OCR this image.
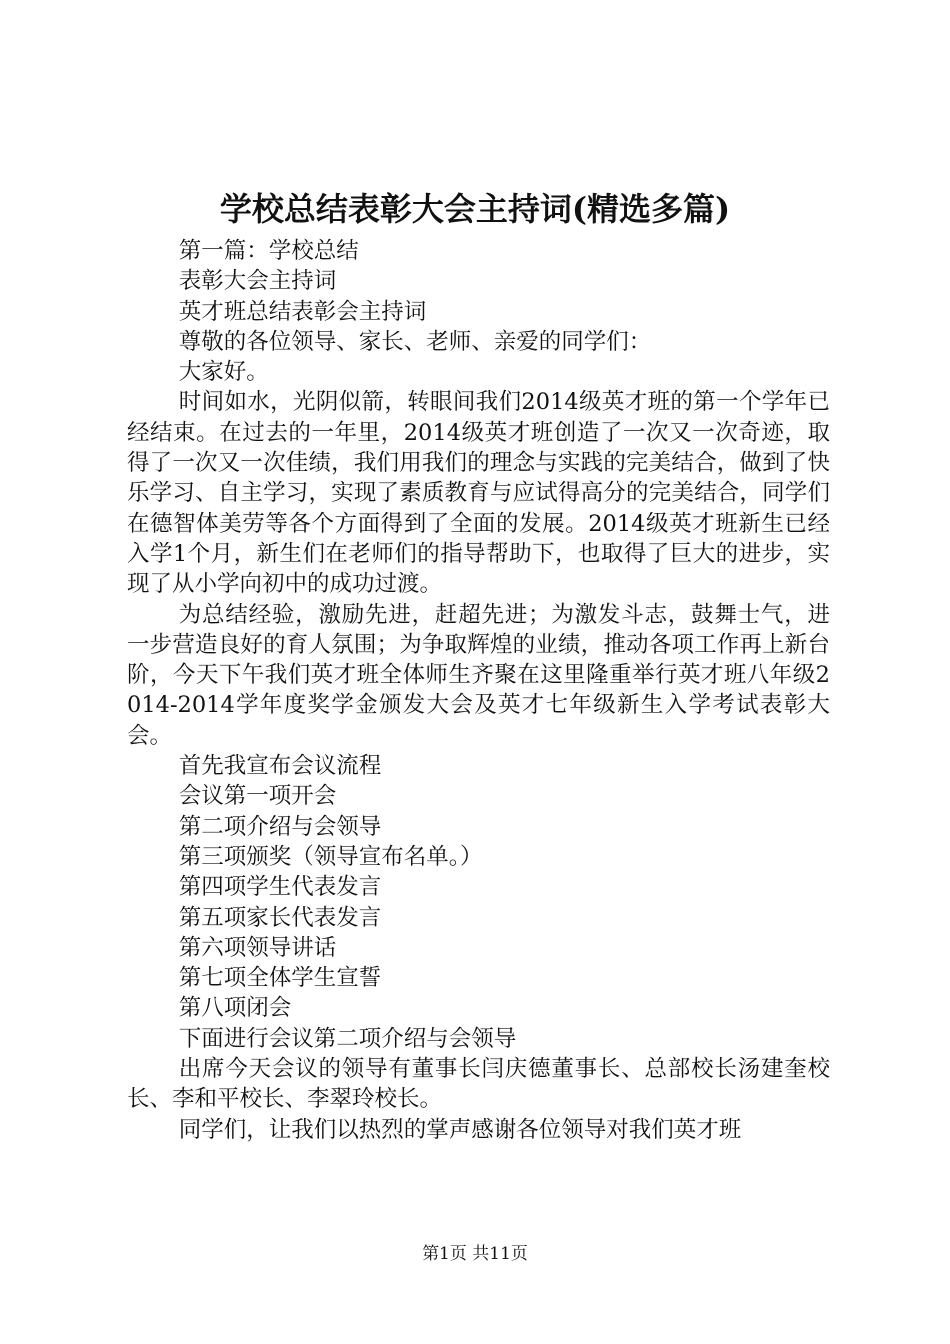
学校总结表彰大会主持词(精选多篇)

第一篇：学校总结

表彰大会主持词

英才班总结表彰会主持词

尊敬的各位领导、家长、老师、亲爱的同学们：

大家好。

时间如水，光阴似箭，转眼间我们2014级英才班的第一个学年已经结束。在过去的一年里，2014级英才班创造了一次又一次奇迹，取得了一次又一次佳绩，我们用我们的理念与实践的完美结合，做到了快乐学习、自主学习，实现了素质教育与应试得高分的完美结合，同学们在德智体美劳等各个方面得到了全面的发展。2014级英才班新生已经入学1个月，新生们在老师们的指导帮助下，也取得了巨大的进步，实现了从小学向初中的成功过渡。

为总结经验，激励先进，赶超先进；为激发斗志，鼓舞士气，进一步营造良好的育人氛围；为争取辉煌的业绩，推动各项工作再上新台阶，今天下午我们英才班全体师生齐聚在这里隆重举行英才班八年级2014-2014学年度奖学金颁发大会及英才七年级新生入学考试表彰大会。

首先我宣布会议流程

会议第一项开会

第二项介绍与会领导

第三项颁奖（领导宣布名单。）

第四项学生代表发言

第五项家长代表发言

第六项领导讲话

第七项全体学生宣誓

第八项闭会

下面进行会议第二项介绍与会领导

出席今天会议的领导有董事长闫庆德董事长、总部校长汤建奎校长、李和平校长、李翠玲校长。

同学们，让我们以热烈的掌声感谢各位领导对我们英才班

第1页 共11页
